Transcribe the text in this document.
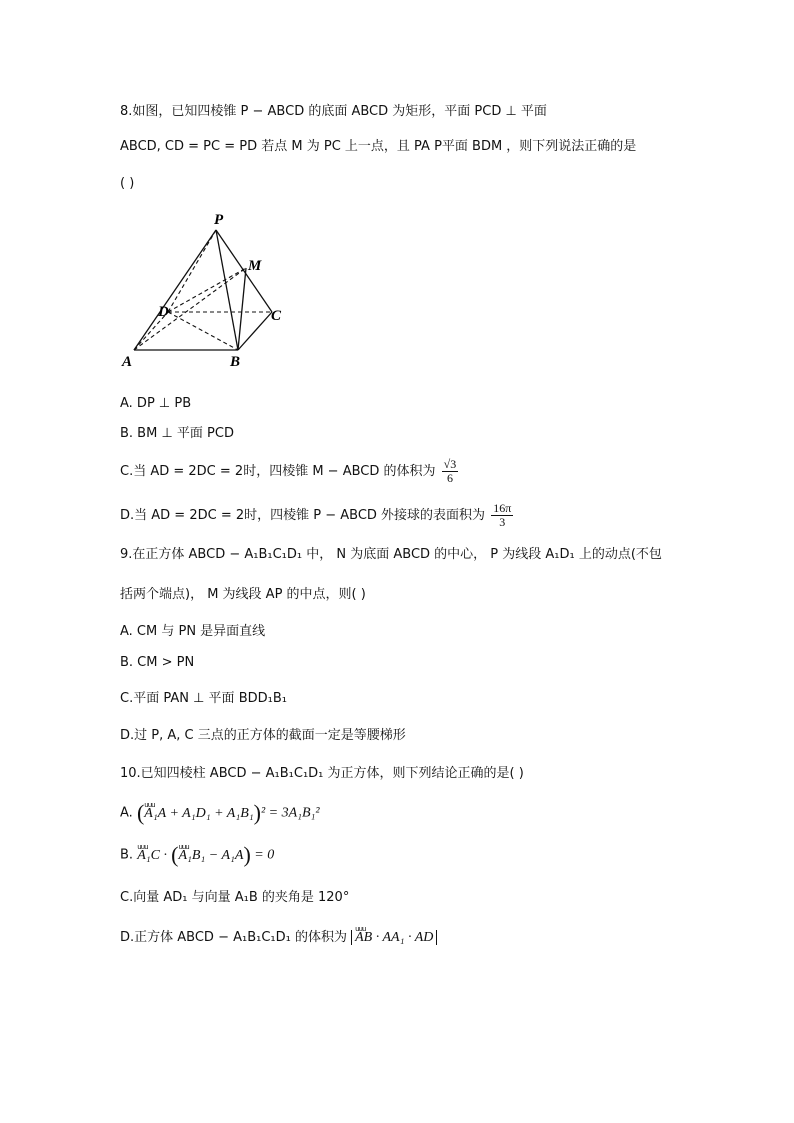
8.如图，已知四棱锥 P − ABCD 的底面 ABCD 为矩形，平面 PCD ⊥ 平面
ABCD, CD = PC = PD 若点 M 为 PC 上一点，且 PA P平面 BDM ，则下列说法正确的是
( )
P
M
D	C
A	B
A. DP ⊥ PB
B. BM ⊥ 平面 PCD
C.当 AD = 2DC = 2时，四棱锥 M − ABCD 的体积为 $\frac{√3}{6}$
D.当 AD = 2DC = 2时，四棱锥 P − ABCD 外接球的表面积为 $\frac{16\pi}{3}$
9.在正方体 ABCD − A₁B₁C₁D₁ 中， N 为底面 ABCD 的中心， P 为线段 A₁D₁ 上的动点(不包
括两个端点)， M 为线段 AP 的中点，则( )
A. CM 与 PN 是异面直线
B. CM > PN
C.平面 PAN ⊥ 平面 BDD₁B₁
D.过 P, A, C 三点的正方体的截面一定是等腰梯形
10.已知四棱柱 ABCD − A₁B₁C₁D₁ 为正方体，则下列结论正确的是( )
A. (uuu A₁A + A₁D₁ + A₁B₁)² = 3A₁B₁²
B. uuu A₁C · (uuu A₁B₁ − A₁A) = 0
C.向量 AD₁ 与向量 A₁B 的夹角是 120°
D.正方体 ABCD − A₁B₁C₁D₁ 的体积为 uuu AB · AA₁ · AD
